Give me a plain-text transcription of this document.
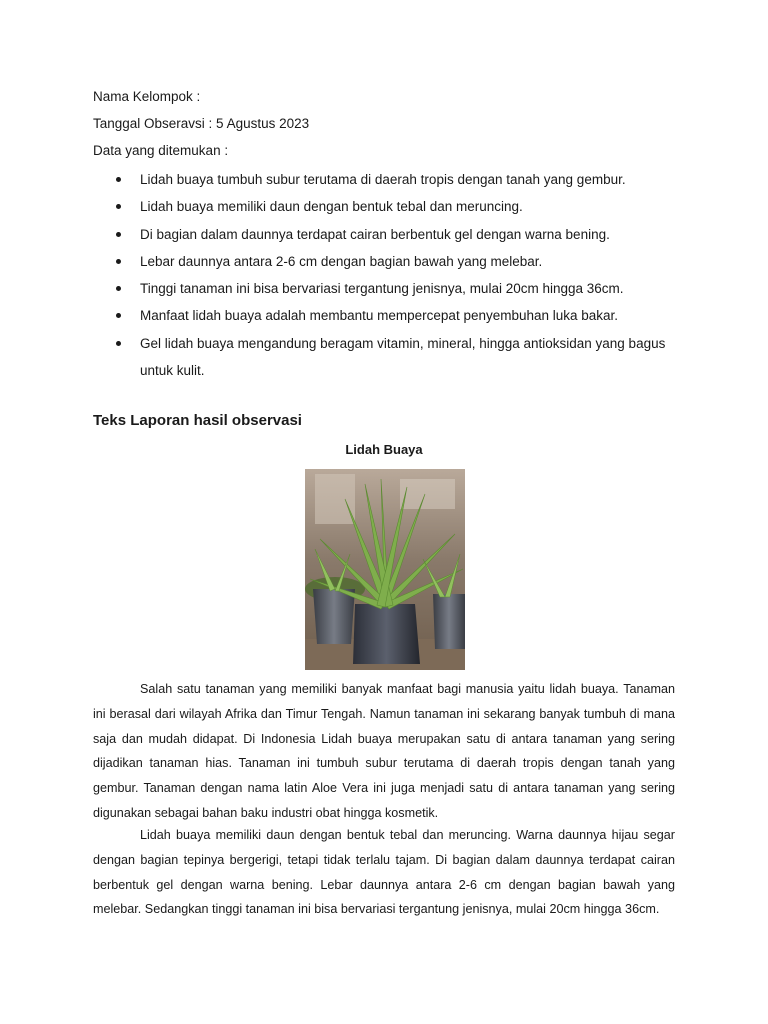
Nama Kelompok :
Tanggal Obseravsi : 5 Agustus 2023
Data yang ditemukan :
Lidah buaya tumbuh subur terutama di daerah tropis dengan tanah yang gembur.
Lidah buaya memiliki daun dengan bentuk tebal dan meruncing.
Di bagian dalam daunnya terdapat cairan berbentuk gel dengan warna bening.
Lebar daunnya antara 2-6 cm dengan bagian bawah yang melebar.
Tinggi tanaman ini bisa bervariasi tergantung jenisnya, mulai 20cm hingga 36cm.
Manfaat lidah buaya adalah membantu mempercepat penyembuhan luka bakar.
Gel lidah buaya mengandung beragam vitamin, mineral, hingga antioksidan yang bagus untuk kulit.
Teks Laporan hasil observasi
Lidah Buaya
Salah satu tanaman yang memiliki banyak manfaat bagi manusia yaitu lidah buaya. Tanaman ini berasal dari wilayah Afrika dan Timur Tengah. Namun tanaman ini sekarang banyak tumbuh di mana saja dan mudah didapat. Di Indonesia Lidah buaya merupakan satu di antara tanaman yang sering dijadikan tanaman hias. Tanaman ini tumbuh subur terutama di daerah tropis dengan tanah yang gembur. Tanaman dengan nama latin Aloe Vera ini juga menjadi satu di antara tanaman yang sering digunakan sebagai bahan baku industri obat hingga kosmetik.
Lidah buaya memiliki daun dengan bentuk tebal dan meruncing. Warna daunnya hijau segar dengan bagian tepinya bergerigi, tetapi tidak terlalu tajam. Di bagian dalam daunnya terdapat cairan berbentuk gel dengan warna bening. Lebar daunnya antara 2-6 cm dengan bagian bawah yang melebar. Sedangkan tinggi tanaman ini bisa bervariasi tergantung jenisnya, mulai 20cm hingga 36cm.
